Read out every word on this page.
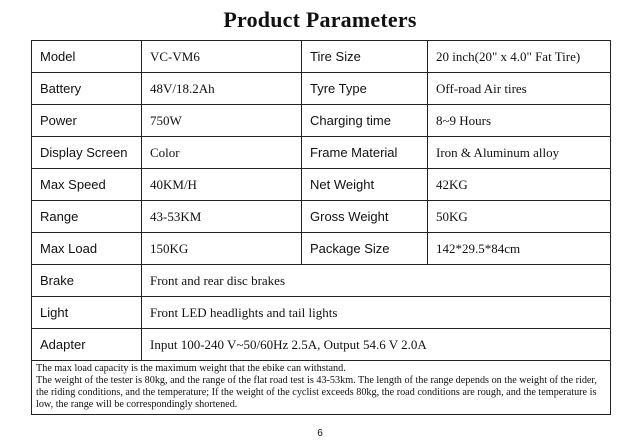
Product Parameters
Model	VC-VM6	Tire Size	20 inch(20" x 4.0" Fat Tire)
Battery	48V/18.2Ah	Tyre Type	Off-road Air tires
Power	750W	Charging time	8~9 Hours
Display Screen	Color	Frame Material	Iron & Aluminum alloy
Max Speed	40KM/H	Net Weight	42KG
Range	43-53KM	Gross Weight	50KG
Max Load	150KG	Package Size	142*29.5*84cm
Brake	Front and rear disc brakes		
Light	Front LED headlights and tail lights		
Adapter	Input 100-240 V~50/60Hz 2.5A, Output 54.6 V 2.0A		

The max load capacity is the maximum weight that the ebike can withstand.
The weight of the tester is 80kg, and the range of the flat road test is 43-53km. The length of the range depends on the weight of the rider, the riding conditions, and the temperature; If the weight of the cyclist exceeds 80kg, the road conditions are rough, and the temperature is low, the range will be correspondingly shortened.			
6
